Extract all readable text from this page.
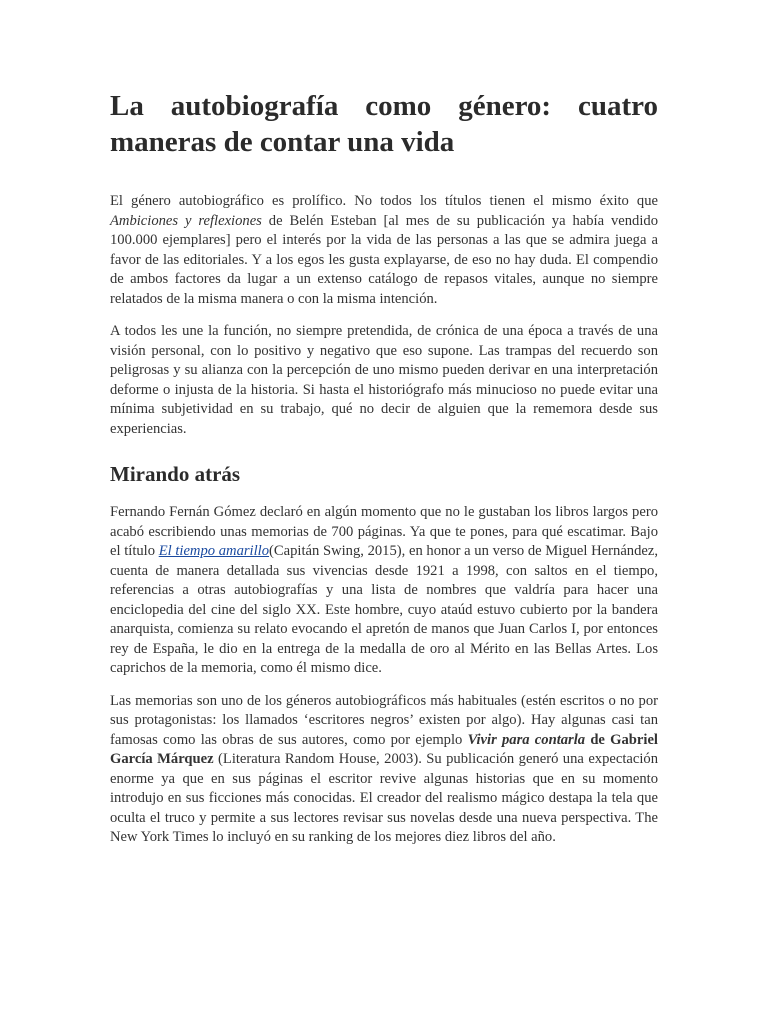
La autobiografía como género: cuatro maneras de contar una vida

El género autobiográfico es prolífico. No todos los títulos tienen el mismo éxito que Ambiciones y reflexiones de Belén Esteban [al mes de su publicación ya había vendido 100.000 ejemplares] pero el interés por la vida de las personas a las que se admira juega a favor de las editoriales. Y a los egos les gusta explayarse, de eso no hay duda. El compendio de ambos factores da lugar a un extenso catálogo de repasos vitales, aunque no siempre relatados de la misma manera o con la misma intención.

A todos les une la función, no siempre pretendida, de crónica de una época a través de una visión personal, con lo positivo y negativo que eso supone. Las trampas del recuerdo son peligrosas y su alianza con la percepción de uno mismo pueden derivar en una interpretación deforme o injusta de la historia. Si hasta el historiógrafo más minucioso no puede evitar una mínima subjetividad en su trabajo, qué no decir de alguien que la rememora desde sus experiencias.

Mirando atrás

Fernando Fernán Gómez declaró en algún momento que no le gustaban los libros largos pero acabó escribiendo unas memorias de 700 páginas. Ya que te pones, para qué escatimar. Bajo el título El tiempo amarillo(Capitán Swing, 2015), en honor a un verso de Miguel Hernández, cuenta de manera detallada sus vivencias desde 1921 a 1998, con saltos en el tiempo, referencias a otras autobiografías y una lista de nombres que valdría para hacer una enciclopedia del cine del siglo XX. Este hombre, cuyo ataúd estuvo cubierto por la bandera anarquista, comienza su relato evocando el apretón de manos que Juan Carlos I, por entonces rey de España, le dio en la entrega de la medalla de oro al Mérito en las Bellas Artes. Los caprichos de la memoria, como él mismo dice.

Las memorias son uno de los géneros autobiográficos más habituales (estén escritos o no por sus protagonistas: los llamados ‘escritores negros’ existen por algo). Hay algunas casi tan famosas como las obras de sus autores, como por ejemplo Vivir para contarla de Gabriel García Márquez (Literatura Random House, 2003). Su publicación generó una expectación enorme ya que en sus páginas el escritor revive algunas historias que en su momento introdujo en sus ficciones más conocidas. El creador del realismo mágico destapa la tela que oculta el truco y permite a sus lectores revisar sus novelas desde una nueva perspectiva. The New York Times lo incluyó en su ranking de los mejores diez libros del año.
